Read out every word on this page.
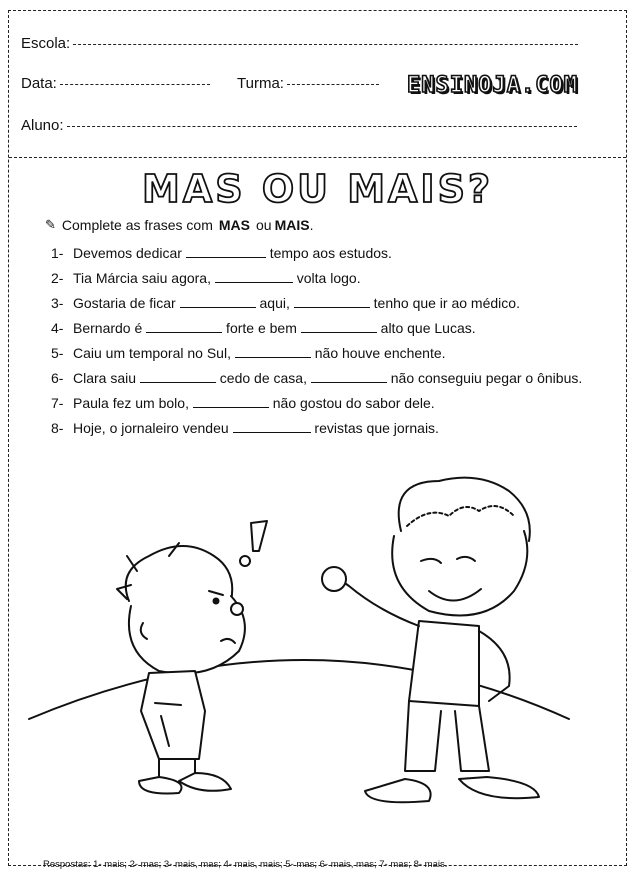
Escola:
Data:	Turma:	ENSINOJA.COM
Aluno:
MAS OU MAIS?
✎ Complete as frases com MAS ou MAIS.
1- Devemos dedicar	tempo aos estudos.
2- Tia Márcia saiu agora,	volta logo.
3- Gostaria de ficar	aqui,	tenho que ir ao médico.
4- Bernardo é	forte e bem	alto que Lucas.
5- Caiu um temporal no Sul,	não houve enchente.
6- Clara saiu	cedo de casa,	não conseguiu pegar o ônibus.
7- Paula fez um bolo,	não gostou do sabor dele.
8- Hoje, o jornaleiro vendeu	revistas que jornais.
Respostas: 1- mais; 2- mas; 3- mais, mas; 4- mais, mais; 5- mas; 6- mais, mas; 7- mas; 8- mais.
